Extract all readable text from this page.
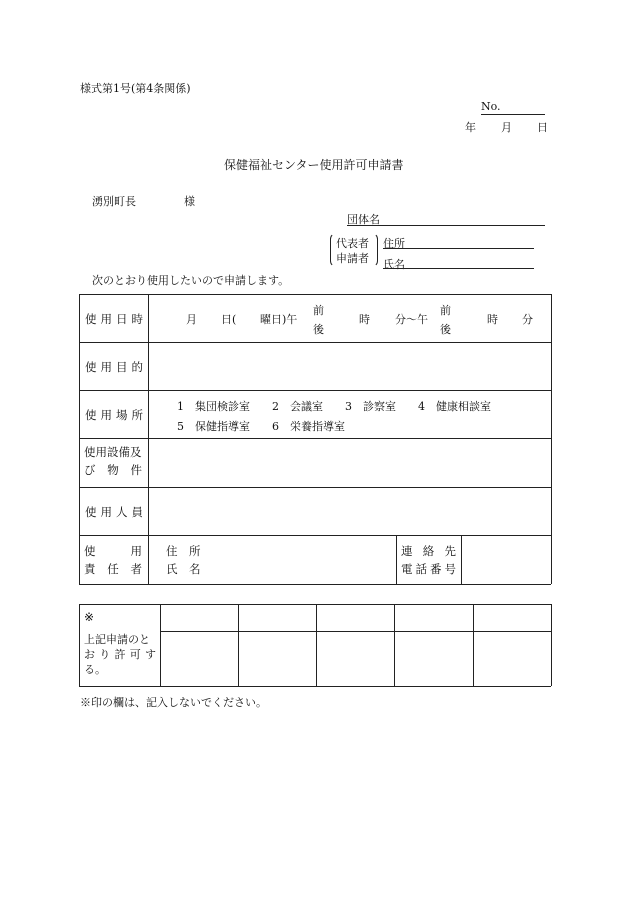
様式第1号(第4条関係)
No.
年 月 日
保健福祉センター使用許可申請書
湧別町長	様
団体名
代表者
申請者
住所
氏名
次のとおり使用したいので申請します。
使用日時	月 日( 曜日)午
前
後
時 分～午
前
後
時 分
使用目的
使用場所
1　集団検診室　　2　会議室　　3　診察室　　4　健康相談室
5　保健指導室　　6　栄養指導室
使用設備及
び 物 件
使用人員
使　　用
責 任 者
住　所
氏　名
連 絡 先
電話番号
※
上記申請のと
おり許可す
る。
※印の欄は、記入しないでください。
